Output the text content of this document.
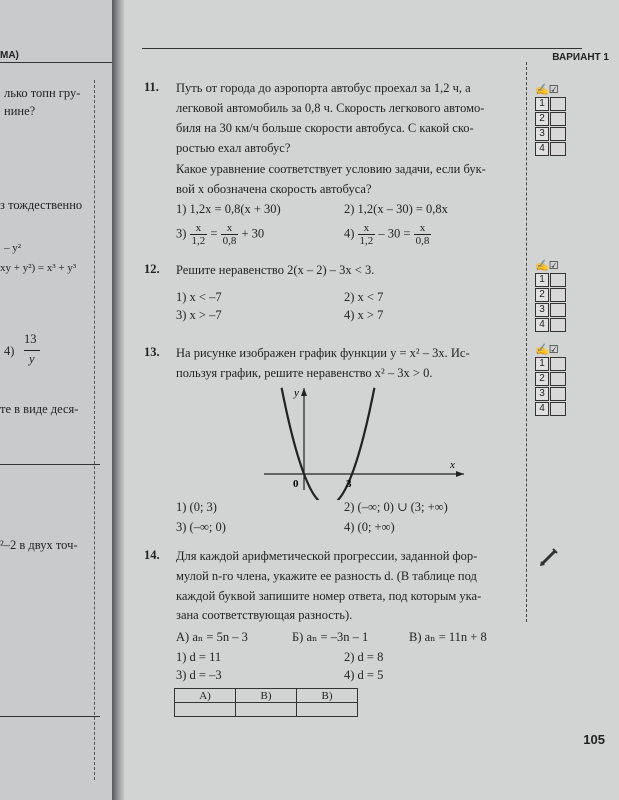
МА)
лько топн гру-
нине?
з тождественно
– y²
xy + y²) = x³ + y³
4)
13
y
те в виде деся-
²–2 в двух точ-
ВАРИАНТ 1
11. Путь от города до аэропорта автобус проехал за 1,2 ч, а
легковой автомобиль за 0,8 ч. Скорость легкового автомо-
биля на 30 км/ч больше скорости автобуса. С какой ско-
ростью ехал автобус?
Какое уравнение соответствует условию задачи, если бук-
вой x обозначена скорость автобуса?
1) 1,2x = 0,8(x + 30)	2) 1,2(x – 30) = 0,8x
$3) \frac{x}{1,2} = \frac{x}{0,8} + 30$	$4) \frac{x}{1,2} - 30 = \frac{x}{0,8}$
12. Решите неравенство 2(x – 2) – 3x < 3.
1) x < –7	2) x < 7
3) x > –7	4) x > 7
13. На рисунке изображен график функции y = x² – 3x. Ис-
пользуя график, решите неравенство x² – 3x > 0.
y
x
0	3
1) (0; 3)	2) (–∞; 0) ∪ (3; +∞)
3) (–∞; 0)	4) (0; +∞)
14. Для каждой арифметической прогрессии, заданной фор-
мулой n-го члена, укажите ее разность d. (В таблице под
каждой буквой запишите номер ответа, под которым ука-
зана соответствующая разность).
А) aₙ = 5n – 3	Б) aₙ = –3n – 1	В) aₙ = 11n + 8
1) d = 11	2) d = 8
3) d = –3	4) d = 5
А)	В)	В)

✍☑
1
2
3
4
✍☑
1
2
3
4
✍☑
1
2
3
4
105
